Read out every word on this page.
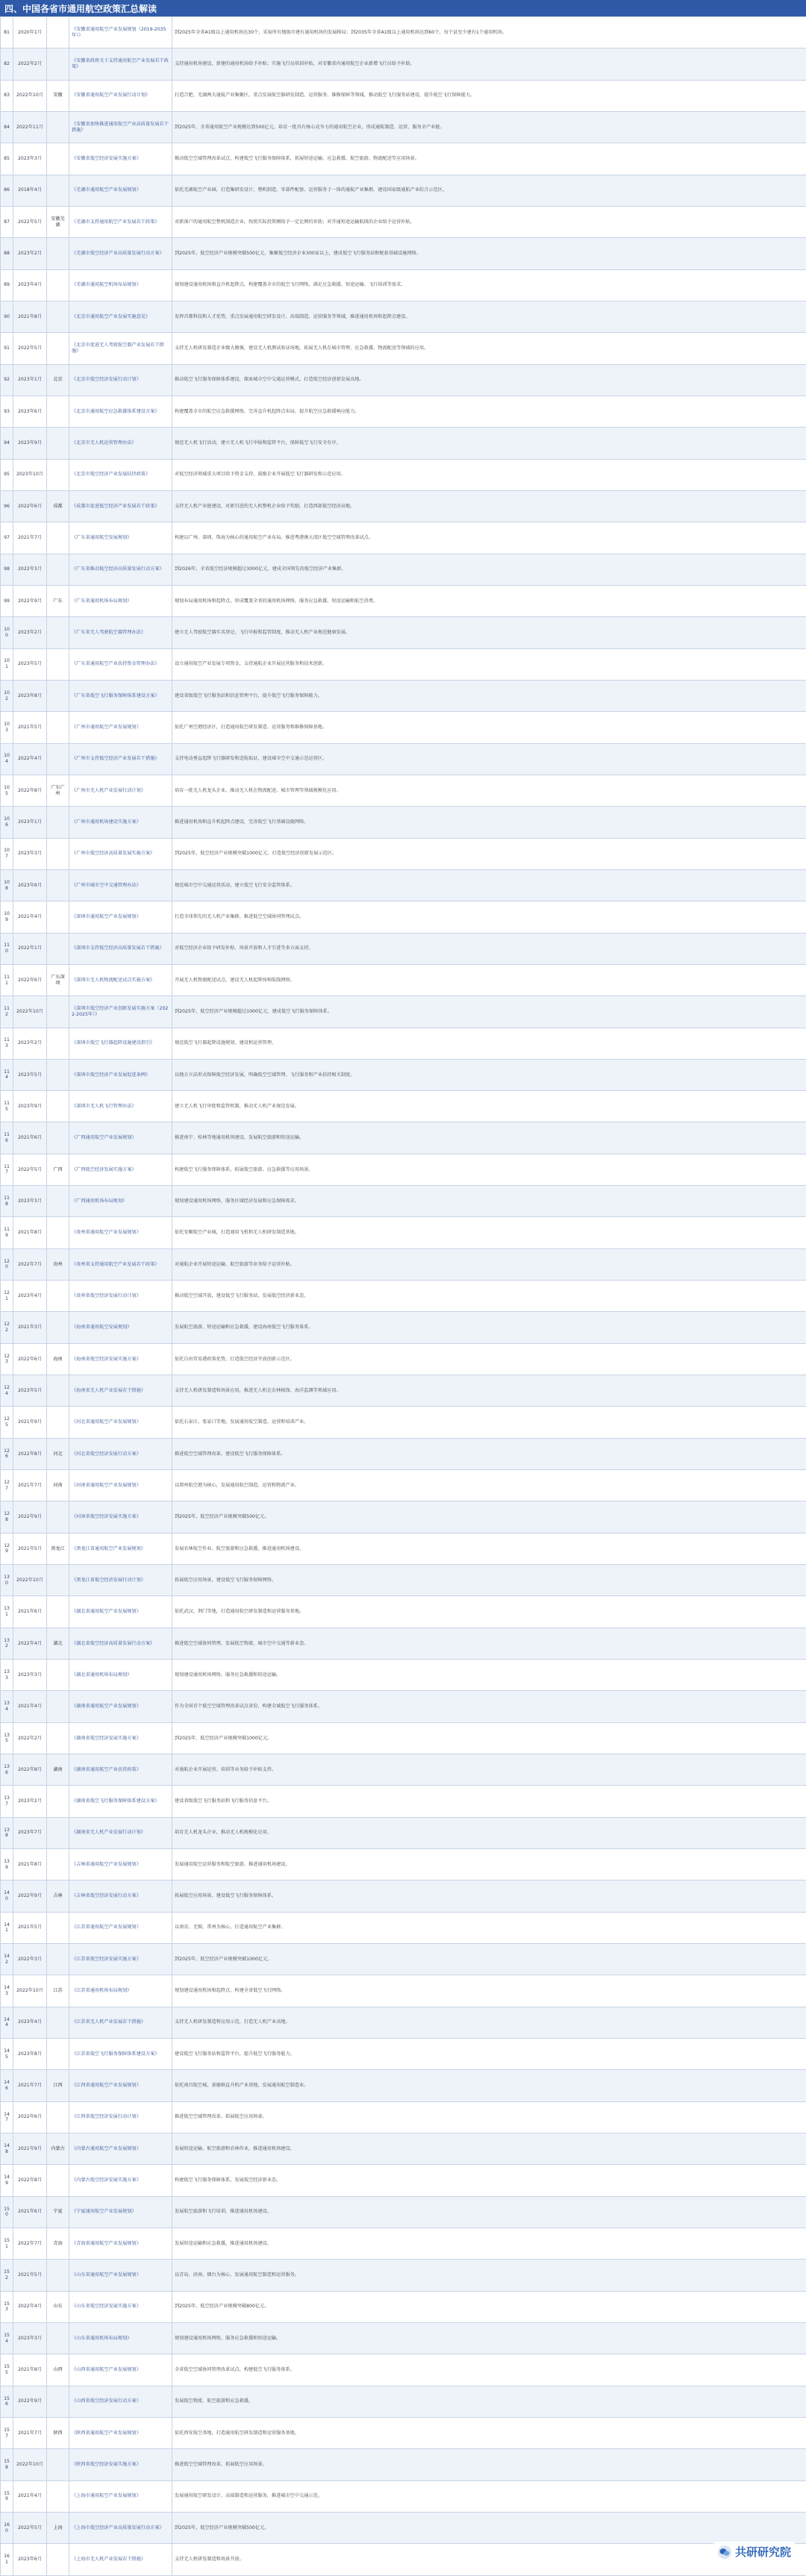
四、中国各省市通用航空政策汇总解读
81	2020年1月		《安徽省通用航空产业发展规划（2019-2035年）》	到2025年全省A1级以上通用机场达30个，采取所有地级市建有通用机场的发展格局；到2035年全省A1级以上通用机场达到60个，每个县至少建有1个通用机场。
82	2022年2月		《安徽省政府关于支持通用航空产业发展若干政策》	支持通用机场建设，新建的通用机场给予补贴；实施飞行员培训补贴，对安徽省内通用航空企业新增飞行员给予补助。
83	2022年10月	安徽	《安徽省通用航空产业发展行动计划》	打造合肥、芜湖两大通航产业集聚区，重点发展航空器研发制造、运营服务、维修保障等领域，推动低空飞行服务站建设，提升低空飞行保障能力。
84	2022年11月		《安徽省加快推进通用航空产业高质量发展若干措施》	到2025年，全省通用航空产业规模达到500亿元，培育一批具有核心竞争力的通用航空企业，形成通航制造、运营、服务全产业链。
85	2023年3月		《安徽省低空经济发展实施方案》	推动低空空域管理改革试点，构建低空飞行服务保障体系，拓展短途运输、应急救援、航空旅游、物流配送等应用场景。
86	2018年4月		《芜湖市通用航空产业发展规划》	依托芜湖航空产业园，打造集研发设计、整机制造、零部件配套、运营服务于一体的通航产业集群，建设国家级通航产业综合示范区。
87	2022年5月	安徽芜湖	《芜湖市支持通用航空产业发展若干政策》	对新落户的通用航空整机制造企业，按照实际投资额给予一定比例的补助；对开通短途运输航线的企业给予运营补贴。
88	2023年2月		《芜湖市低空经济产业高质量发展行动方案》	到2025年，低空经济产业规模突破500亿元，集聚低空经济企业300家以上，建成低空飞行服务站和配套基础设施网络。
89	2023年4月		《芜湖市通用航空机场布局规划》	规划建设通用机场和直升机起降点，构建覆盖全市的低空飞行网络，满足应急救援、短途运输、飞行培训等需求。
90	2021年8月		《北京市通用航空产业发展实施意见》	发挥首都科技和人才优势，重点发展通用航空研发设计、高端制造、运营服务等领域，推进通用机场和起降点建设。
91	2022年5月		《北京市促进无人驾驶航空器产业发展若干措施》	支持无人机研发制造企业做大做强，建设无人机测试验证场地，拓展无人机在城市管理、应急救援、物流配送等领域的应用。
92	2023年1月	北京	《北京市低空经济发展行动计划》	推动低空飞行服务保障体系建设，探索城市空中交通运营模式，打造低空经济创新发展高地。
93	2023年6月		《北京市通用航空应急救援体系建设方案》	构建覆盖全市的航空应急救援网络，完善直升机起降点布局，提升航空应急救援响应能力。
94	2023年9月		《北京市无人机运营管理办法》	规范无人机飞行活动，建立无人机飞行申报和监管平台，保障低空飞行安全有序。
95	2023年10月		《北京市低空经济产业发展扶持政策》	对低空经济领域重大项目给予资金支持，鼓励企业开展低空飞行器研发和示范应用。
96	2022年6月	成都	《成都市促进低空经济产业发展若干政策》	支持无人机产业链建设，对新引进的无人机整机企业给予奖励，打造西部低空经济高地。
97	2021年7月		《广东省通用航空发展规划》	构建以广州、深圳、珠海为核心的通用航空产业布局，推进粤港澳大湾区低空空域管理改革试点。
98	2022年3月		《广东省推动低空经济高质量发展行动方案》	到2026年，全省低空经济规模超过3000亿元，建成全国领先的低空经济产业集群。
99	2022年9月	广东	《广东省通用机场布局规划》	规划布局通用机场和起降点，形成覆盖全省的通用机场网络，服务应急救援、短途运输和航空消费。
100	2023年2月		《广东省无人驾驶航空器管理办法》	建立无人驾驶航空器实名登记、飞行申报和监管制度，推动无人机产业规范健康发展。
101	2023年5月		《广东省通用航空产业扶持资金管理办法》	设立通用航空产业发展专项资金，支持通航企业开展运营服务和技术创新。
102	2023年8月		《广东省低空飞行服务保障体系建设方案》	建设省级低空飞行服务站和信息管理平台，提升低空飞行服务保障能力。
103	2021年5月		《广州市通用航空产业发展规划》	依托广州空港经济区，打造通用航空研发制造、运营服务和维修保障基地。
104	2022年4月		《广州市支持低空经济产业发展若干措施》	支持电动垂直起降飞行器研发和适航取证，建设城市空中交通示范运营区。
105	2022年8月	广东广州	《广州市无人机产业发展行动计划》	培育一批无人机龙头企业，推动无人机在物流配送、城市管理等领域规模化应用。
106	2023年1月		《广州市通用机场建设实施方案》	推进通用机场和直升机起降点建设，完善低空飞行基础设施网络。
107	2023年3月		《广州市低空经济高质量发展实施方案》	到2025年，低空经济产业规模突破1000亿元，打造低空经济创新发展示范区。
108	2023年6月		《广州市城市空中交通管理办法》	规范城市空中交通运营活动，建立低空飞行安全监管体系。
109	2021年4月		《深圳市通用航空产业发展规划》	打造全球领先的无人机产业集群，推进低空空域协同管理试点。
110	2022年1月		《深圳市支持低空经济高质量发展若干措施》	对低空经济企业给予研发补贴、场景开放和人才引进等多方面支持。
111	2022年6月	广东深圳	《深圳市无人机物流配送试点实施方案》	开展无人机物流配送试点，建设无人机起降场和航线网络。
112	2022年10月		《深圳市低空经济产业创新发展实施方案（2022-2025年）》	到2025年，低空经济产业规模超过1000亿元，建成低空飞行服务保障体系。
113	2023年2月		《深圳市低空飞行器起降设施建设指引》	规范低空飞行器起降设施规划、建设和运营管理。
114	2023年5月		《深圳市低空经济产业发展促进条例》	以地方立法形式保障低空经济发展，明确低空空域管理、飞行服务和产业扶持相关制度。
115	2023年9月		《深圳市无人机飞行管理办法》	建立无人机飞行审批和监管机制，推动无人机产业规范发展。
116	2021年6月		《广西通用航空产业发展规划》	推进南宁、桂林等地通用机场建设，发展航空旅游和短途运输。
117	2022年5月	广西	《广西低空经济发展实施方案》	构建低空飞行服务保障体系，拓展低空旅游、应急救援等应用场景。
118	2023年3月		《广西通用机场布局规划》	规划建设通用机场网络，服务区域经济发展和应急保障需求。
119	2021年8月		《贵州省通用航空产业发展规划》	依托安顺航空产业城，打造通用飞机和无人机研发制造基地。
120	2022年7月	贵州	《贵州省支持通用航空产业发展若干政策》	对通航企业开展短途运输、航空旅游等业务给予运营补贴。
121	2023年4月		《贵州省低空经济发展行动计划》	推动低空空域开放，建设低空飞行服务站，发展低空经济新业态。
122	2021年3月		《海南省通用航空发展规划》	发展航空旅游、短途运输和应急救援，建设海南低空飞行服务体系。
123	2022年6月	海南	《海南省低空经济发展实施方案》	依托自由贸易港政策优势，打造低空经济开放创新示范区。
124	2023年5月		《海南省无人机产业发展若干措施》	支持无人机研发制造和场景应用，推进无人机在农林植保、海洋监测等领域应用。
125	2021年9月		《河北省通用航空产业发展规划》	依托石家庄、张家口等地，发展通用航空制造、运营和培训产业。
126	2022年8月	河北	《河北省低空经济发展行动方案》	推进低空空域管理改革，建设低空飞行服务保障体系。
127	2021年7月	河南	《河南省通用航空产业发展规划》	以郑州航空港为核心，发展通用航空制造、运营和物流产业。
128	2022年9月		《河南省低空经济发展实施方案》	到2025年，低空经济产业规模突破500亿元。
129	2021年5月	黑龙江	《黑龙江省通用航空产业发展规划》	发展农林航空作业、航空旅游和应急救援，推进通用机场建设。
130	2022年10月		《黑龙江省低空经济发展行动计划》	拓展低空应用场景，建设低空飞行服务保障网络。
131	2021年6月		《湖北省通用航空产业发展规划》	依托武汉、荆门等地，打造通用航空研发制造和运营服务基地。
132	2022年4月	湖北	《湖北省低空经济高质量发展行动方案》	推进低空空域协同管理，发展低空物流、城市空中交通等新业态。
133	2023年3月		《湖北省通用机场布局规划》	规划建设通用机场网络，服务应急救援和短途运输。
134	2021年4月		《湖南省通用航空产业发展规划》	作为全国首个低空空域管理改革试点省份，构建全域低空飞行服务体系。
135	2022年2月		《湖南省低空经济发展实施方案》	到2025年，低空经济产业规模突破1000亿元。
136	2022年8月	湖南	《湖南省通用航空产业扶持政策》	对通航企业开展运营、培训等业务给予补贴支持。
137	2023年2月		《湖南省低空飞行服务保障体系建设方案》	建设省级低空飞行服务站和飞行服务信息平台。
138	2023年7月		《湖南省无人机产业发展行动计划》	培育无人机龙头企业，推动无人机规模化应用。
139	2021年8月		《吉林省通用航空产业发展规划》	发展通用航空运营服务和航空旅游，推进通用机场建设。
140	2022年9月	吉林	《吉林省低空经济发展行动方案》	拓展低空应用场景，建设低空飞行服务保障体系。
141	2021年5月		《江苏省通用航空产业发展规划》	以南京、无锡、常州为核心，打造通用航空产业集群。
142	2022年3月		《江苏省低空经济发展实施方案》	到2025年，低空经济产业规模突破1000亿元。
143	2022年10月	江苏	《江苏省通用机场布局规划》	规划建设通用机场和起降点，构建全省低空飞行网络。
144	2023年4月		《江苏省无人机产业发展若干措施》	支持无人机研发制造和应用示范，打造无人机产业高地。
145	2023年8月		《江苏省低空飞行服务保障体系建设方案》	建设低空飞行服务站和监管平台，提升低空飞行服务能力。
146	2021年7月	江西	《江西省通用航空产业发展规划》	依托南昌航空城、景德镇直升机产业基地，发展通用航空制造业。
147	2022年6月		《江西省低空经济发展行动计划》	推进低空空域管理改革，拓展低空应用场景。
148	2021年9月	内蒙古	《内蒙古通用航空产业发展规划》	发展短途运输、航空旅游和农林作业，推进通用机场建设。
149	2022年8月		《内蒙古低空经济发展实施方案》	构建低空飞行服务保障体系，发展低空经济新业态。
150	2021年6月	宁夏	《宁夏通用航空产业发展规划》	发展航空旅游和飞行培训，推进通用机场建设。
151	2022年7月	青海	《青海省通用航空产业发展规划》	发展短途运输和应急救援，推进通用机场建设。
152	2021年5月		《山东省通用航空产业发展规划》	以青岛、济南、烟台为核心，发展通用航空制造和运营服务。
153	2022年4月	山东	《山东省低空经济发展实施方案》	到2025年，低空经济产业规模突破800亿元。
154	2023年3月		《山东省通用机场布局规划》	规划建设通用机场网络，服务应急救援和短途运输。
155	2021年8月	山西	《山西省通用航空产业发展规划》	全省低空空域协同管理改革试点，构建低空飞行服务体系。
156	2022年9月		《山西省低空经济发展行动方案》	发展低空物流、航空旅游和应急救援。
157	2021年7月	陕西	《陕西省通用航空产业发展规划》	依托西安航空基地，打造通用航空研发制造和运营服务基地。
158	2022年10月		《陕西省低空经济发展实施方案》	推进低空空域管理改革，拓展低空应用场景。
159	2021年4月		《上海市通用航空产业发展规划》	发展通用航空研发设计、高端制造和运营服务，推进城市空中交通示范。
160	2022年5月	上海	《上海市低空经济产业高质量发展行动方案》	到2025年，低空经济产业规模突破500亿元。
161	2023年6月		《上海市无人机产业发展若干措施》	支持无人机研发制造和场景开放。
共研研究院
